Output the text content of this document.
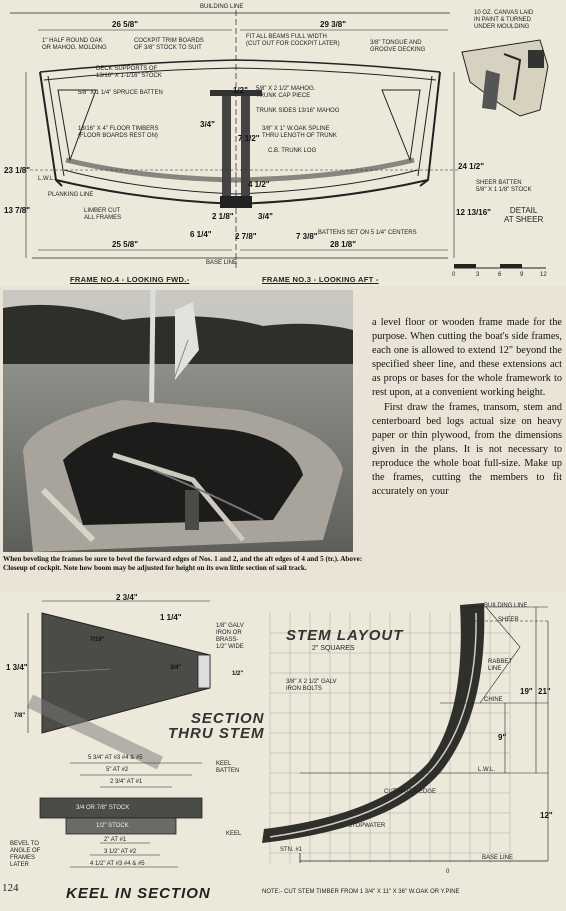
BUILDING LINE
26 5/8"	29 3/8"
1" HALF ROUND OAK
OR MAHOG. MOLDING
COCKPIT TRIM BOARDS
OF 3/8" STOCK TO SUIT
FIT ALL BEAMS FULL WIDTH
(CUT OUT FOR COCKPIT LATER)	3/8" TONGUE AND
GROOVE DECKING
10 OZ. CANVAS LAID
IN PAINT & TURNED
UNDER MOULDING
DECK SUPPORTS OF
13/16" X 1-1/16" STOCK
5/8" X 2 1/2" MAHOG.
TRUNK CAP PIECE
1/2"
5/8" X 1 1/4" SPRUCE BATTEN
TRUNK SIDES 13/16" MAHOG
3/4"
13/16" X 4" FLOOR TIMBERS
(FLOOR BOARDS REST ON)
3/8" X 1" W.OAK SPLINE
THRU LENGTH OF TRUNK
7 1/2"
C.B. TRUNK LOG
23 1/8"	24 1/2"
L.W.L.
4 1/2"	SHEER BATTEN
5/8" X 1 1/8" STOCK
PLANKING LINE
13 7/8"	12 13/16"	DETAIL
AT SHEER
LIMBER CUT
ALL FRAMES	2 1/8"	3/4"
BATTENS SET ON 5 1/4" CENTERS
6 1/4"	2 7/8"	7 3/8"
25 5/8"	28 1/8"
BASE LINE
FRAME NO.4 - LOOKING FWD.-	FRAME NO.3 - LOOKING AFT -	0	3	6	9	12
When beveling the frames be sure to bevel the forward edges of Nos. 1 and 2, and the aft edges of 4 and 5 (tr.). Above: Closeup of cockpit. Note how boom may be adjusted for height on its own little section of sail track.

a level floor or wooden frame made for the purpose. When cutting the boat's side frames, each one is allowed to extend 12" beyond the specified sheer line, and these extensions act as props or bases for the whole framework to rest upon, at a convenient working height.

First draw the frames, transom, stem and centerboard bed logs actual size on heavy paper or thin plywood, from the dimensions given in the plans. It is not necessary to reproduce the whole boat full-size. Make up the frames, cutting the members to fit accurately on your

2 3/4"
1 1/4"
7/16"
3/4"
1 3/4"
7/8"
1/2"
1/8" GALV
IRON OR
BRASS-
1/2" WIDE
SECTION
THRU STEM
STEM LAYOUT
2" SQUARES
3/8" X 2 1/2" GALV
IRON BOLTS
BUILDING LINE
SHEER
RABBET
LINE
19" 21"
CHINE
9"
L.W.L.
CUTWATER EDGE
12"
STOPWATER
STN. #1
BASE LINE
0
NOTE:- CUT STEM TIMBER FROM 1 3/4" X 11" X 36" W.OAK OR Y.PINE
5 3/4" AT #3 #4 & #5
5" AT #2
2 3/4" AT #1
KEEL
BATTEN
3/4 OR 7/8" STOCK
1/2" STOCK
KEEL
BEVEL TO
ANGLE OF
FRAMES
LATER
2" AT #1
3 1/2" AT #2
4 1/2" AT #3 #4 & #5
KEEL IN SECTION
124
